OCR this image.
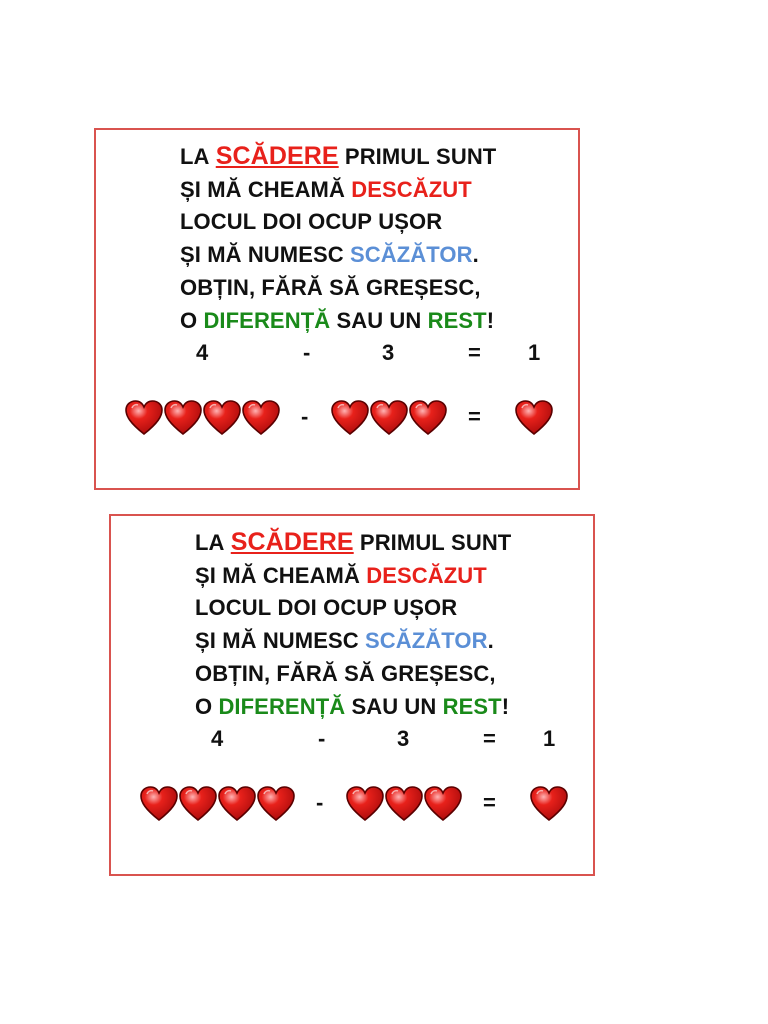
LA SCĂDERE PRIMUL SUNT
ȘI MĂ CHEAMĂ DESCĂZUT
LOCUL DOI OCUP UȘOR
ȘI MĂ NUMESC SCĂZĂTOR.
OBȚIN, FĂRĂ SĂ GREȘESC,
O DIFERENȚĂ SAU UN REST!
4	-	3	= 1
-	=
LA SCĂDERE PRIMUL SUNT
ȘI MĂ CHEAMĂ DESCĂZUT
LOCUL DOI OCUP UȘOR
ȘI MĂ NUMESC SCĂZĂTOR.
OBȚIN, FĂRĂ SĂ GREȘESC,
O DIFERENȚĂ SAU UN REST!
4	-	3	= 1
-	=
